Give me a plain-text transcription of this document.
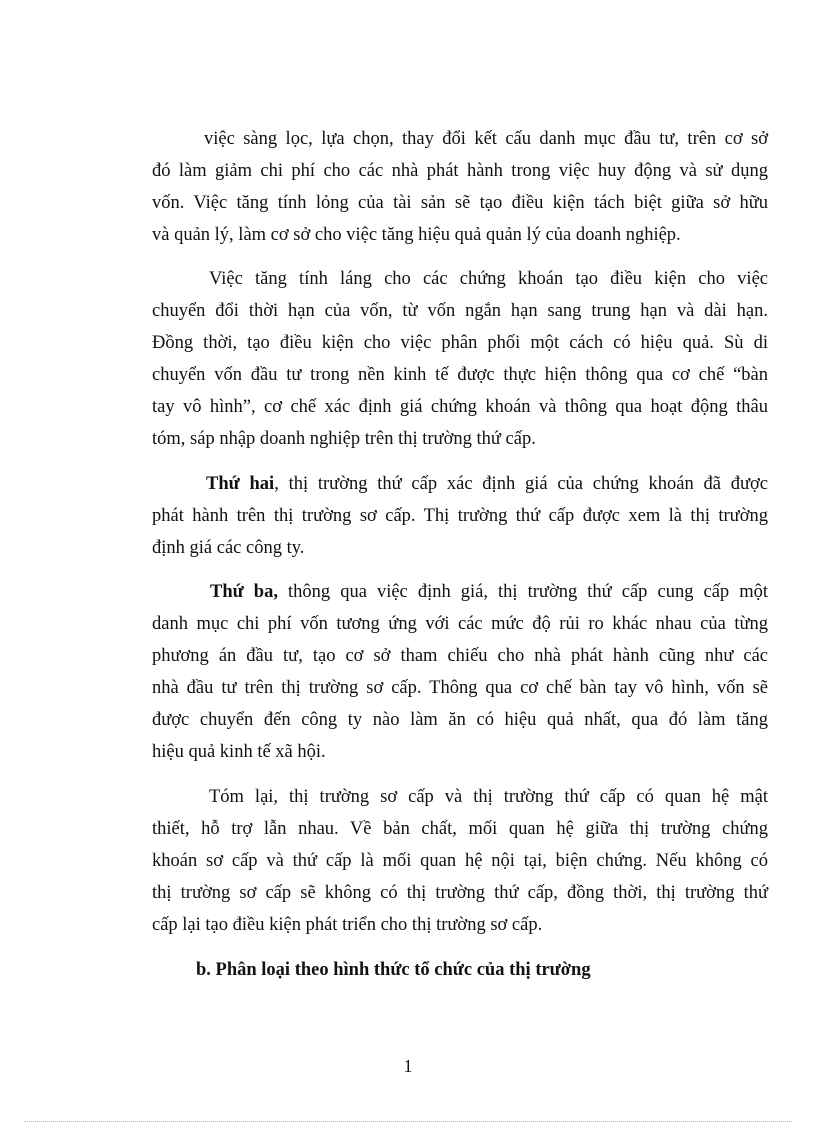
việc sàng lọc, lựa chọn, thay đổi kết cấu danh mục đầu tư, trên cơ sở
đó làm giảm chi phí cho các nhà phát hành trong việc huy động và sử dụng
vốn. Việc tăng tính lỏng của tài sản sẽ tạo điều kiện tách biệt giữa sở hữu
và quản lý, làm cơ sở cho việc tăng hiệu quả quản lý của doanh nghiệp.
Việc tăng tính láng cho các chứng khoán tạo điều kiện cho việc
chuyển đổi thời hạn của vốn, từ vốn ngắn hạn sang trung hạn và dài hạn.
Đồng thời, tạo điều kiện cho việc phân phối một cách có hiệu quả. Sù di
chuyển vốn đầu tư trong nền kinh tế được thực hiện thông qua cơ chế “bàn
tay vô hình”, cơ chế xác định giá chứng khoán và thông qua hoạt động thâu
tóm, sáp nhập doanh nghiệp trên thị trường thứ cấp.
Thứ hai, thị trường thứ cấp xác định giá của chứng khoán đã được
phát hành trên thị trường sơ cấp. Thị trường thứ cấp được xem là thị trường
định giá các công ty.
Thứ ba, thông qua việc định giá, thị trường thứ cấp cung cấp một
danh mục chi phí vốn tương ứng với các mức độ rủi ro khác nhau của từng
phương án đầu tư, tạo cơ sở tham chiếu cho nhà phát hành cũng như các
nhà đầu tư trên thị trường sơ cấp. Thông qua cơ chế bàn tay vô hình, vốn sẽ
được chuyển đến công ty nào làm ăn có hiệu quả nhất, qua đó làm tăng
hiệu quả kinh tế xã hội.
Tóm lại, thị trường sơ cấp và thị trường thứ cấp có quan hệ mật
thiết, hỗ trợ lẫn nhau. Về bản chất, mối quan hệ giữa thị trường chứng
khoán sơ cấp và thứ cấp là mối quan hệ nội tại, biện chứng. Nếu không có
thị trường sơ cấp sẽ không có thị trường thứ cấp, đồng thời, thị trường thứ
cấp lại tạo điều kiện phát triển cho thị trường sơ cấp.
b. Phân loại theo hình thức tổ chức của thị trường
1
